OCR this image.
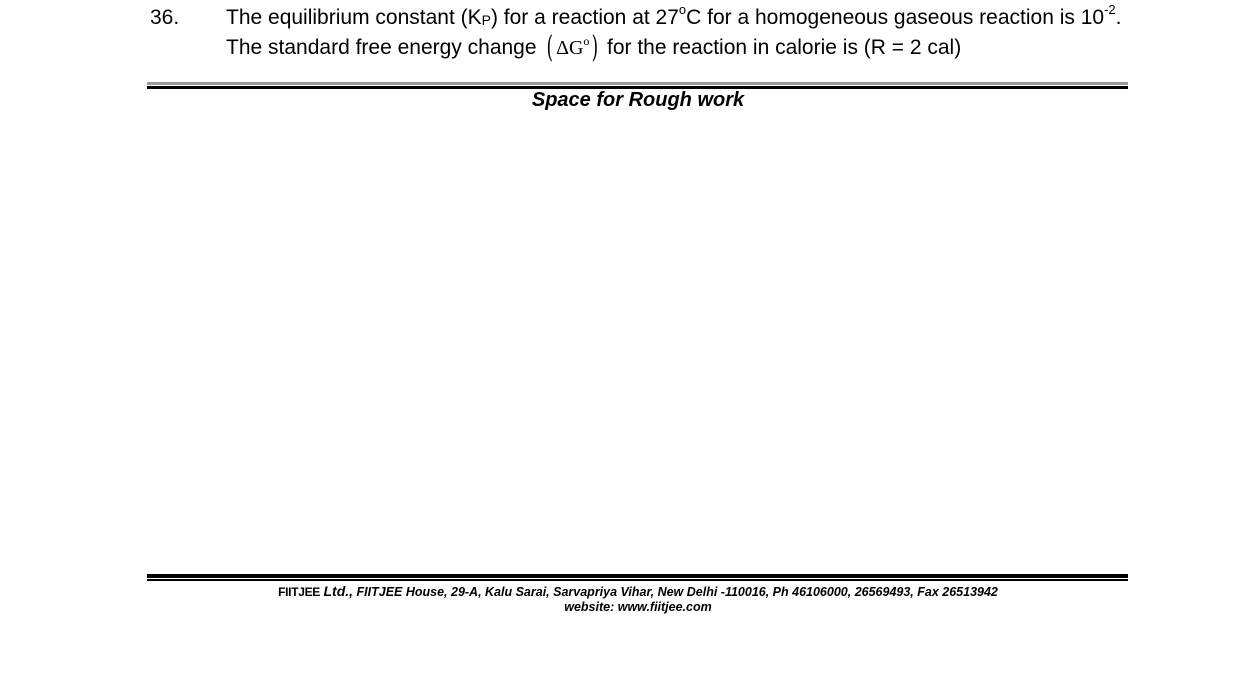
36. The equilibrium constant (KP) for a reaction at 27$^o$C for a homogeneous gaseous reaction is $10^{-2}$.
The standard free energy change ( $\Delta G^o$) for the reaction in calorie is (R = 2 cal)
Space for Rough work
FIITJEE Ltd., FIITJEE House, 29-A, Kalu Sarai, Sarvapriya Vihar, New Delhi -110016, Ph 46106000, 26569493, Fax 26513942
website: www.fiitjee.com
